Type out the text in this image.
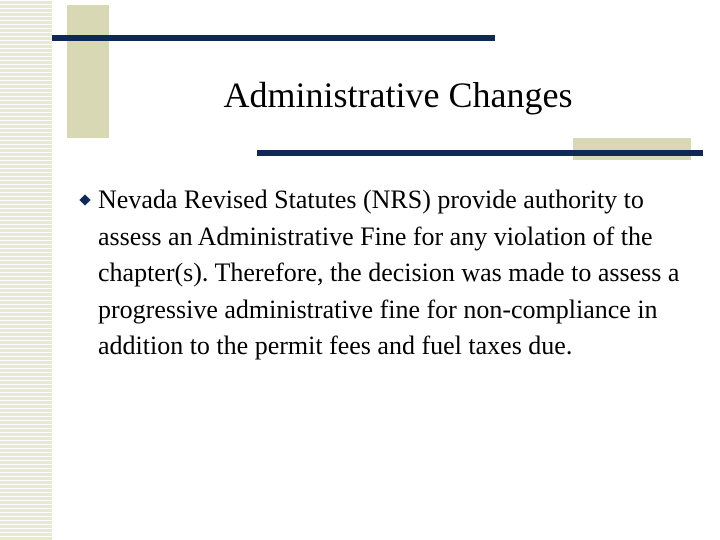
Administrative Changes

Nevada Revised Statutes (NRS) provide authority to assess an Administrative Fine for any violation of the chapter(s). Therefore, the decision was made to assess a progressive administrative fine for non-compliance in addition to the permit fees and fuel taxes due.
